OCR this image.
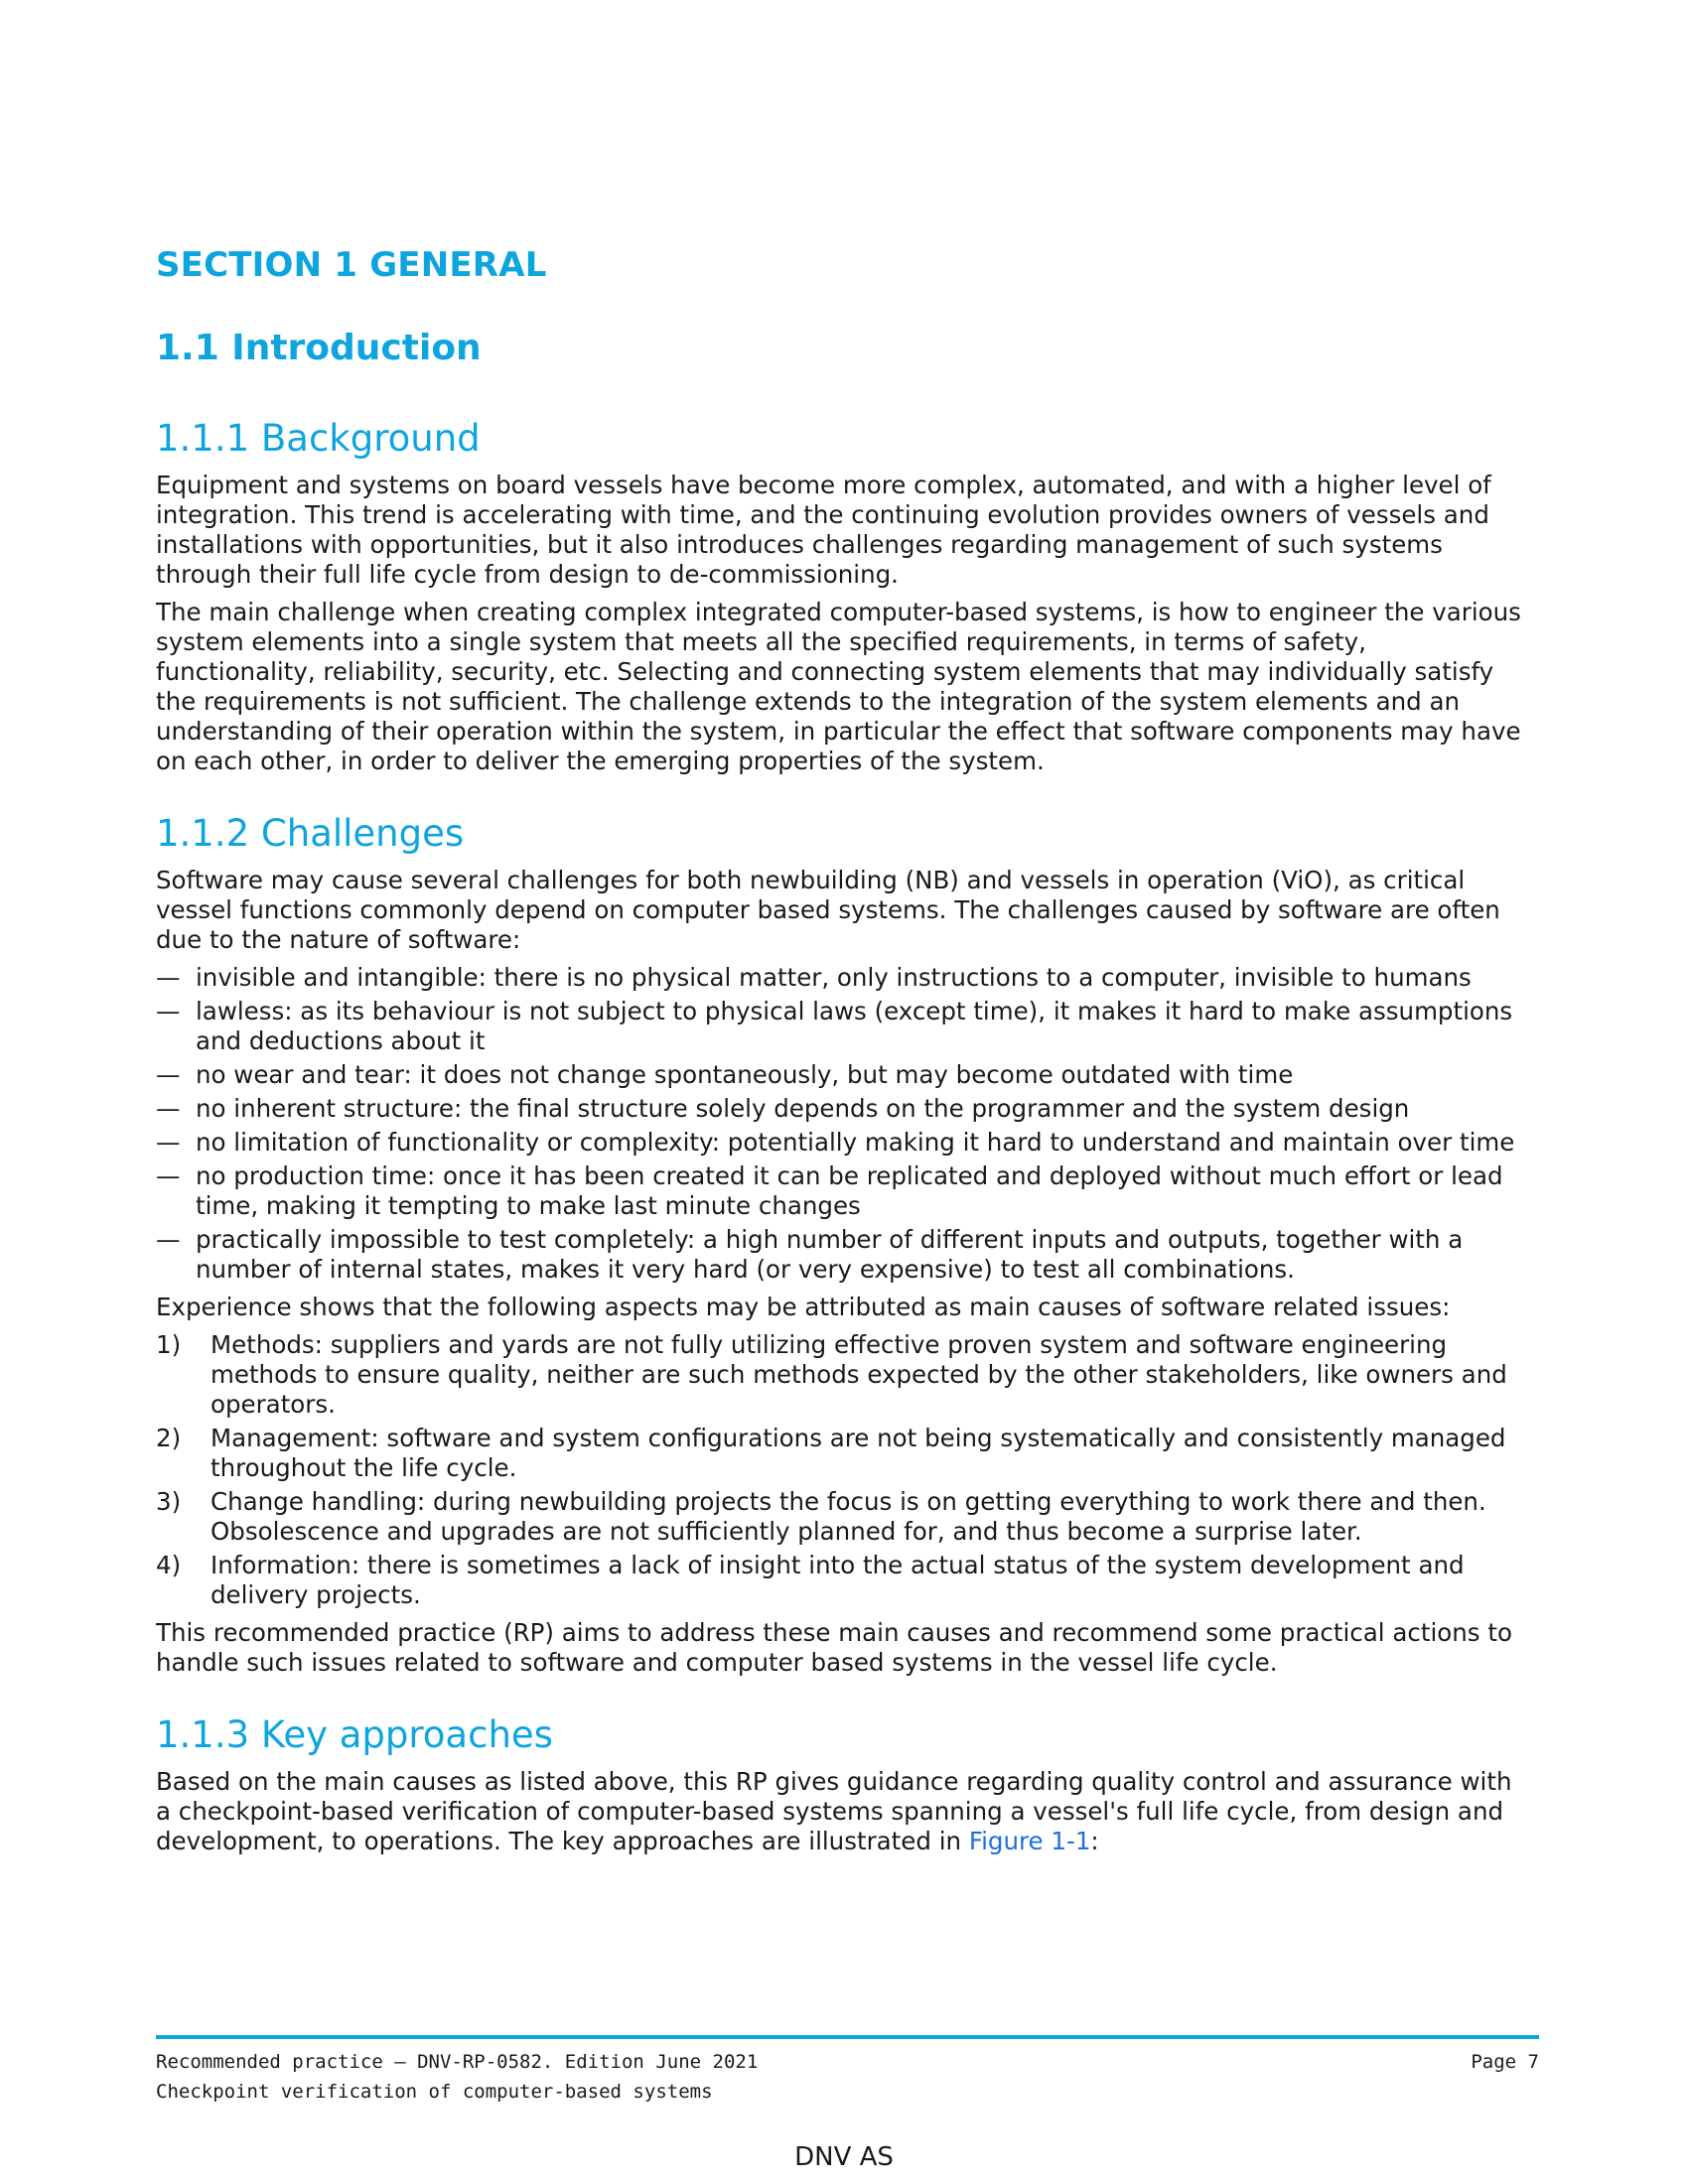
SECTION 1 GENERAL
1.1 Introduction
1.1.1 Background

Equipment and systems on board vessels have become more complex, automated, and with a higher level of integration. This trend is accelerating with time, and the continuing evolution provides owners of vessels and installations with opportunities, but it also introduces challenges regarding management of such systems through their full life cycle from design to de-commissioning.

The main challenge when creating complex integrated computer-based systems, is how to engineer the various system elements into a single system that meets all the specified requirements, in terms of safety, functionality, reliability, security, etc. Selecting and connecting system elements that may individually satisfy the requirements is not sufficient. The challenge extends to the integration of the system elements and an understanding of their operation within the system, in particular the effect that software components may have on each other, in order to deliver the emerging properties of the system.

1.1.2 Challenges

Software may cause several challenges for both newbuilding (NB) and vessels in operation (ViO), as critical vessel functions commonly depend on computer based systems. The challenges caused by software are often due to the nature of software:

— invisible and intangible: there is no physical matter, only instructions to a computer, invisible to humans
— lawless: as its behaviour is not subject to physical laws (except time), it makes it hard to make assumptions and deductions about it
— no wear and tear: it does not change spontaneously, but may become outdated with time
— no inherent structure: the final structure solely depends on the programmer and the system design
— no limitation of functionality or complexity: potentially making it hard to understand and maintain over time
— no production time: once it has been created it can be replicated and deployed without much effort or lead time, making it tempting to make last minute changes
— practically impossible to test completely: a high number of different inputs and outputs, together with a number of internal states, makes it very hard (or very expensive) to test all combinations.

Experience shows that the following aspects may be attributed as main causes of software related issues:

1) Methods: suppliers and yards are not fully utilizing effective proven system and software engineering methods to ensure quality, neither are such methods expected by the other stakeholders, like owners and operators.
2) Management: software and system configurations are not being systematically and consistently managed throughout the life cycle.
3) Change handling: during newbuilding projects the focus is on getting everything to work there and then. Obsolescence and upgrades are not sufficiently planned for, and thus become a surprise later.
4) Information: there is sometimes a lack of insight into the actual status of the system development and delivery projects.

This recommended practice (RP) aims to address these main causes and recommend some practical actions to handle such issues related to software and computer based systems in the vessel life cycle.

1.1.3 Key approaches

Based on the main causes as listed above, this RP gives guidance regarding quality control and assurance with a checkpoint-based verification of computer-based systems spanning a vessel's full life cycle, from design and development, to operations. The key approaches are illustrated in Figure 1-1:

Recommended practice — DNV-RP-0582. Edition June 2021	Page 7
Checkpoint verification of computer-based systems
DNV AS
